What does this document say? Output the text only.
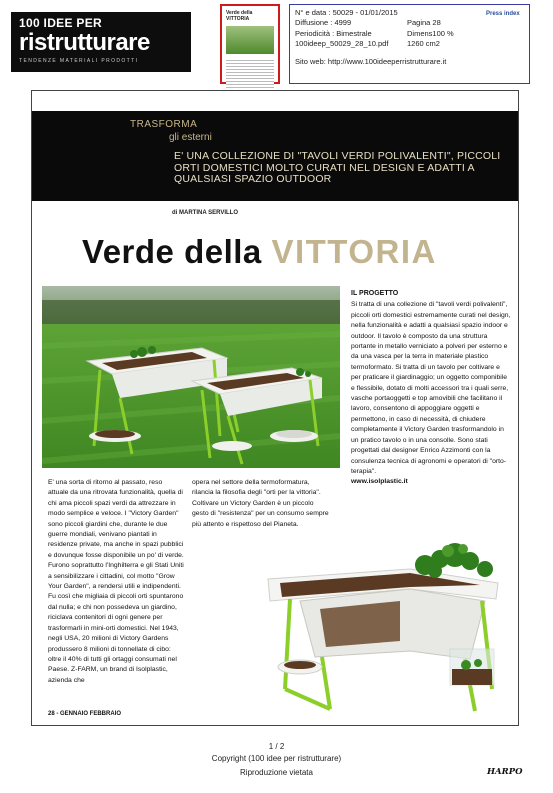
100 IDEE PER
ristrutturare
TENDENZE MATERIALI PRODOTTI
Verde della VITTORIA
Press index
N° e data : 50029 - 01/01/2015
Diffusione : 4999	Pagina 28
Periodicità : Bimestrale	Dimens100 %
100ideep_50029_28_10.pdf 1260 cm2
Sito web: http://www.100ideeperristrutturare.it
TRASFORMA
gli esterni
E' UNA COLLEZIONE DI "TAVOLI VERDI POLIVALENTI", PICCOLI ORTI DOMESTICI MOLTO CURATI NEL DESIGN E ADATTI A QUALSIASI SPAZIO OUTDOOR
di MARTINA SERVILLO
Verde della VITTORIA
IL PROGETTO
Si tratta di una collezione di "tavoli verdi polivalenti", piccoli orti domestici estremamente curati nel design, nella funzionalità e adatti a qualsiasi spazio indoor e outdoor. Il tavolo è composto da una struttura portante in metallo verniciato a polveri per esterno e da una vasca per la terra in materiale plastico termoformato. Si tratta di un tavolo per coltivare e per praticare il giardinaggio; un oggetto componibile e flessibile, dotato di molti accessori tra i quali serre, vasche portaoggetti e top amovibili che facilitano il lavoro, consentono di appoggiare oggetti e permettono, in caso di necessità, di chiudere completamente il Victory Garden trasformandolo in un pratico tavolo o in una consolle. Sono stati progettati dal designer Enrico Azzimonti con la consulenza tecnica di agronomi e operatori di "orto-terapia".
www.isolplastic.it
E' una sorta di ritorno al passato, reso attuale da una ritrovata funzionalità, quella di chi ama piccoli spazi verdi da attrezzare in modo semplice e veloce. I "Victory Garden" sono piccoli giardini che, durante le due guerre mondiali, venivano piantati in residenze private, ma anche in spazi pubblici e dovunque fosse disponibile un po' di verde. Furono soprattutto l'Inghilterra e gli Stati Uniti a sensibilizzare i cittadini, col motto "Grow Your Garden", a rendersi utili e indipendenti. Fu così che migliaia di piccoli orti spuntarono dal nulla; e chi non possedeva un giardino, riciclava contenitori di ogni genere per trasformarli in mini-orti domestici. Nel 1943, negli USA, 20 milioni di Victory Gardens produssero 8 milioni di tonnellate di cibo: oltre il 40% di tutti gli ortaggi consumati nel Paese. Z-FARM, un brand di Isolplastic, azienda che
opera nel settore della termoformatura, rilancia la filosofia degli "orti per la vittoria". Coltivare un Victory Garden è un piccolo gesto di "resistenza" per un consumo sempre più attento e rispettoso del Pianeta.
28 - GENNAIO FEBBRAIO
1 / 2
Copyright (100 idee per ristrutturare)
Riproduzione vietata	HARPO
